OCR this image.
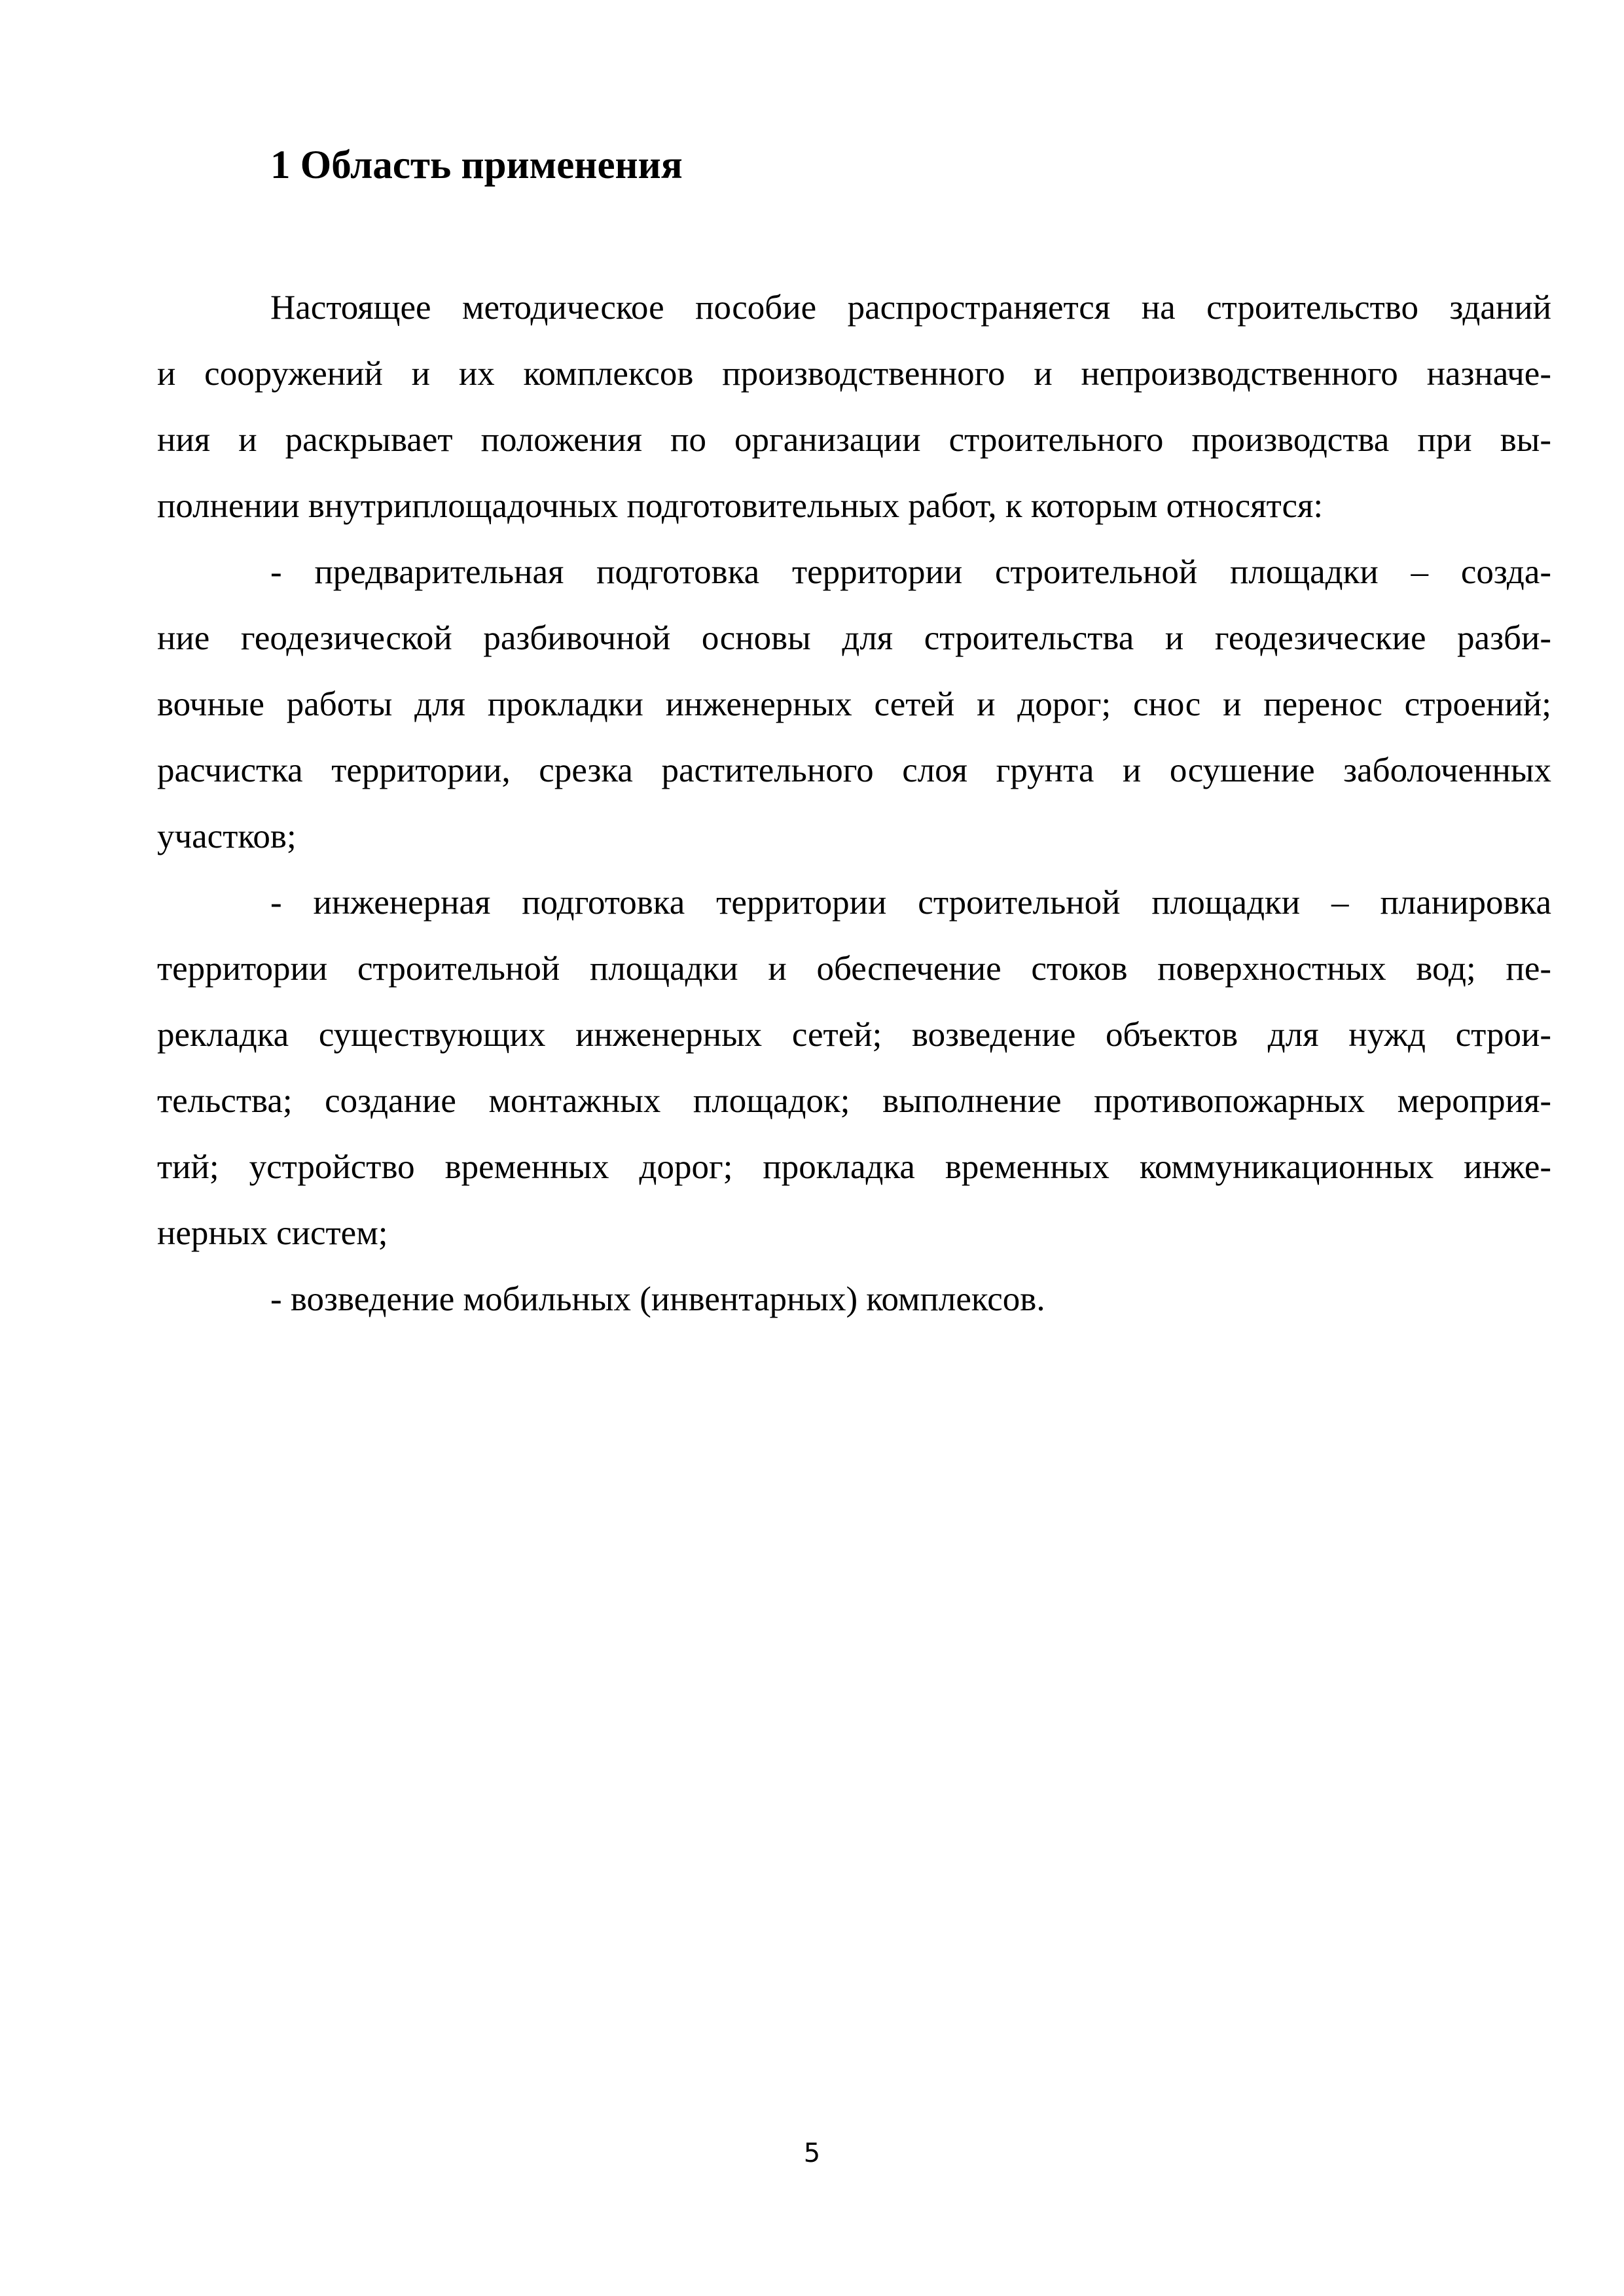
1 Область применения

Настоящее методическое пособие распространяется на строительство зданий
и сооружений и их комплексов производственного и непроизводственного назначе-
ния и раскрывает положения по организации строительного производства при вы-
полнении внутриплощадочных подготовительных работ, к которым относятся:

- предварительная подготовка территории строительной площадки – созда-
ние геодезической разбивочной основы для строительства и геодезические разби-
вочные работы для прокладки инженерных сетей и дорог; снос и перенос строений;
расчистка территории, срезка растительного слоя грунта и осушение заболоченных
участков;

- инженерная подготовка территории строительной площадки – планировка
территории строительной площадки и обеспечение стоков поверхностных вод; пе-
рекладка существующих инженерных сетей; возведение объектов для нужд строи-
тельства; создание монтажных площадок; выполнение противопожарных мероприя-
тий; устройство временных дорог; прокладка временных коммуникационных инже-
нерных систем;

- возведение мобильных (инвентарных) комплексов.

5
